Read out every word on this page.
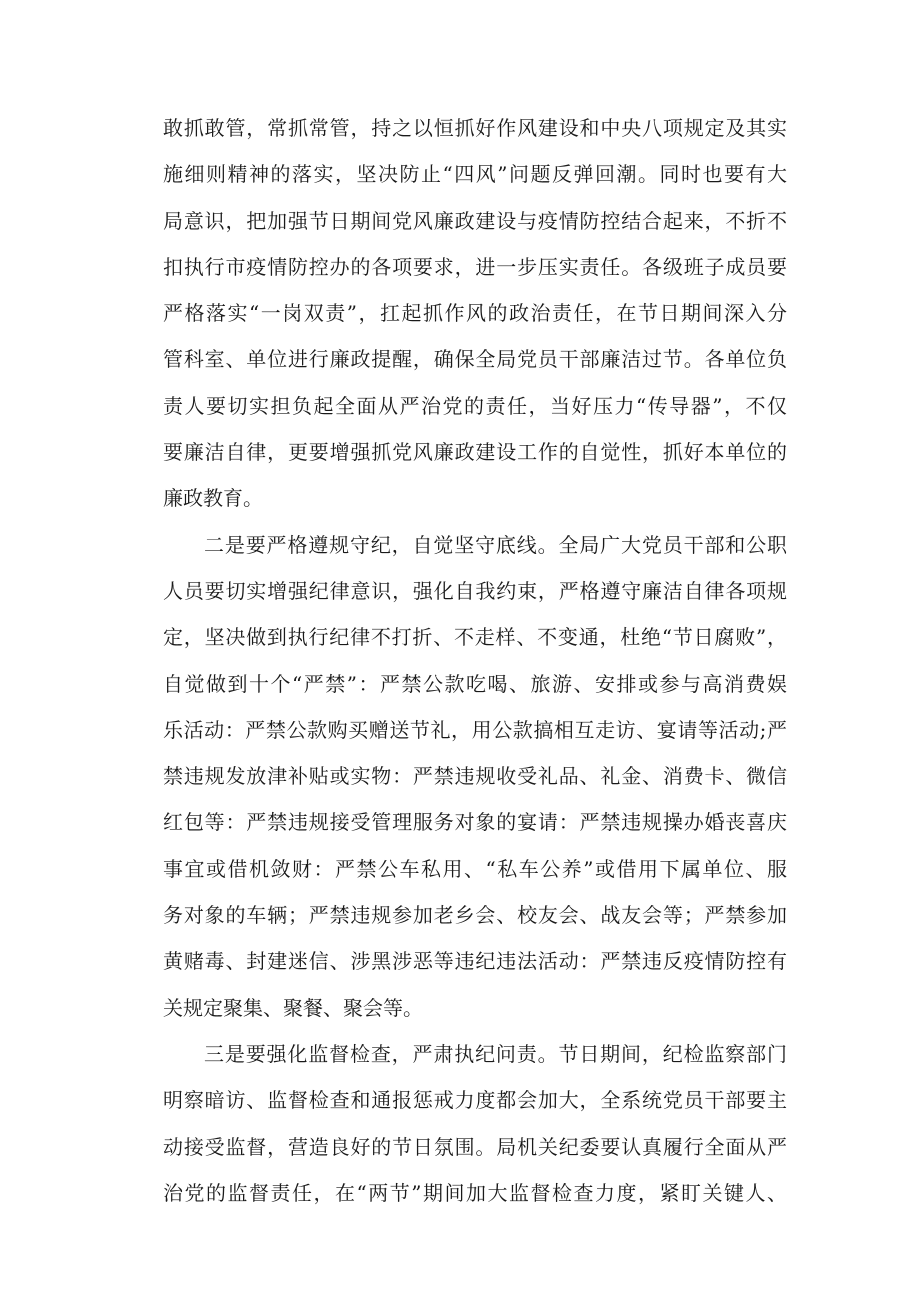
敢抓敢管，常抓常管，持之以恒抓好作风建设和中央八项规定及其实
施细则精神的落实，坚决防止“四风”问题反弹回潮。同时也要有大
局意识，把加强节日期间党风廉政建设与疫情防控结合起来，不折不
扣执行市疫情防控办的各项要求，进一步压实责任。各级班子成员要
严格落实“一岗双责”，扛起抓作风的政治责任，在节日期间深入分
管科室、单位进行廉政提醒，确保全局党员干部廉洁过节。各单位负
责人要切实担负起全面从严治党的责任，当好压力“传导器”，不仅
要廉洁自律，更要增强抓党风廉政建设工作的自觉性，抓好本单位的
廉政教育。

二是要严格遵规守纪，自觉坚守底线。全局广大党员干部和公职
人员要切实增强纪律意识，强化自我约束，严格遵守廉洁自律各项规
定，坚决做到执行纪律不打折、不走样、不变通，杜绝“节日腐败”，
自觉做到十个“严禁”：严禁公款吃喝、旅游、安排或参与高消费娱
乐活动：严禁公款购买赠送节礼，用公款搞相互走访、宴请等活动;严
禁违规发放津补贴或实物：严禁违规收受礼品、礼金、消费卡、微信
红包等：严禁违规接受管理服务对象的宴请：严禁违规操办婚丧喜庆
事宜或借机敛财：严禁公车私用、“私车公养”或借用下属单位、服
务对象的车辆；严禁违规参加老乡会、校友会、战友会等；严禁参加
黄赌毒、封建迷信、涉黑涉恶等违纪违法活动：严禁违反疫情防控有
关规定聚集、聚餐、聚会等。

三是要强化监督检查，严肃执纪问责。节日期间，纪检监察部门
明察暗访、监督检查和通报惩戒力度都会加大，全系统党员干部要主
动接受监督，营造良好的节日氛围。局机关纪委要认真履行全面从严
治党的监督责任，在“两节”期间加大监督检查力度，紧盯关键人、
